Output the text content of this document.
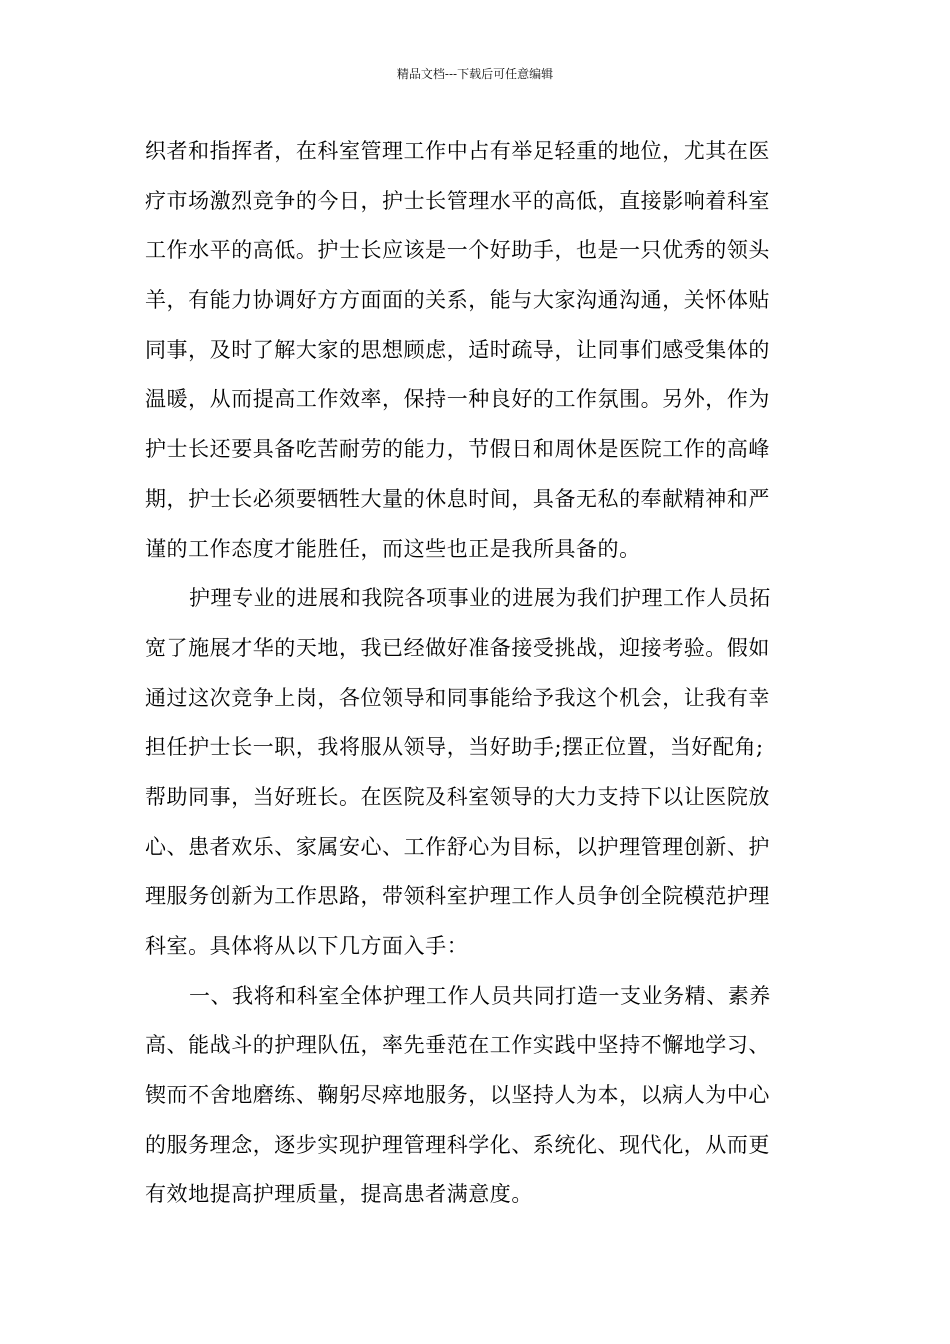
精品文档---下载后可任意编辑
织者和指挥者，在科室管理工作中占有举足轻重的地位，尤其在医
疗市场激烈竞争的今日，护士长管理水平的高低，直接影响着科室
工作水平的高低。护士长应该是一个好助手，也是一只优秀的领头
羊，有能力协调好方方面面的关系，能与大家沟通沟通，关怀体贴
同事，及时了解大家的思想顾虑，适时疏导，让同事们感受集体的
温暖，从而提高工作效率，保持一种良好的工作氛围。另外，作为
护士长还要具备吃苦耐劳的能力，节假日和周休是医院工作的高峰
期，护士长必须要牺牲大量的休息时间，具备无私的奉献精神和严
谨的工作态度才能胜任，而这些也正是我所具备的。
护理专业的进展和我院各项事业的进展为我们护理工作人员拓
宽了施展才华的天地，我已经做好准备接受挑战，迎接考验。假如
通过这次竞争上岗，各位领导和同事能给予我这个机会，让我有幸
担任护士长一职，我将服从领导，当好助手;摆正位置，当好配角;
帮助同事，当好班长。在医院及科室领导的大力支持下以让医院放
心、患者欢乐、家属安心、工作舒心为目标，以护理管理创新、护
理服务创新为工作思路，带领科室护理工作人员争创全院模范护理
科室。具体将从以下几方面入手：
一、我将和科室全体护理工作人员共同打造一支业务精、素养
高、能战斗的护理队伍，率先垂范在工作实践中坚持不懈地学习、
锲而不舍地磨练、鞠躬尽瘁地服务，以坚持人为本，以病人为中心
的服务理念，逐步实现护理管理科学化、系统化、现代化，从而更
有效地提高护理质量，提高患者满意度。
